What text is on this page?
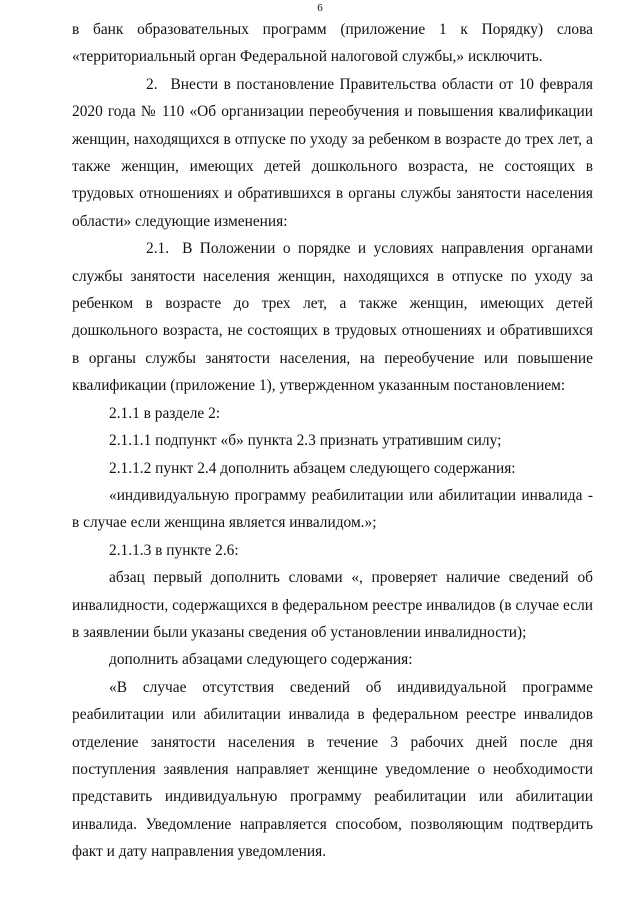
6

в банк образовательных программ (приложение 1 к Порядку) слова «территориальный орган Федеральной налоговой службы,» исключить.

2. Внести в постановление Правительства области от 10 февраля 2020 года № 110 «Об организации переобучения и повышения квалификации женщин, находящихся в отпуске по уходу за ребенком в возрасте до трех лет, а также женщин, имеющих детей дошкольного возраста, не состоящих в трудовых отношениях и обратившихся в органы службы занятости населения области» следующие изменения:

2.1. В Положении о порядке и условиях направления органами службы занятости населения женщин, находящихся в отпуске по уходу за ребенком в возрасте до трех лет, а также женщин, имеющих детей дошкольного возраста, не состоящих в трудовых отношениях и обратившихся в органы службы занятости населения, на переобучение или повышение квалификации (приложение 1), утвержденном указанным постановлением:

2.1.1 в разделе 2:

2.1.1.1 подпункт «б» пункта 2.3 признать утратившим силу;

2.1.1.2 пункт 2.4 дополнить абзацем следующего содержания:

«индивидуальную программу реабилитации или абилитации инвалида - в случае если женщина является инвалидом.»;

2.1.1.3 в пункте 2.6:

абзац первый дополнить словами «, проверяет наличие сведений об инвалидности, содержащихся в федеральном реестре инвалидов (в случае если в заявлении были указаны сведения об установлении инвалидности);

дополнить абзацами следующего содержания:

«В случае отсутствия сведений об индивидуальной программе реабилитации или абилитации инвалида в федеральном реестре инвалидов отделение занятости населения в течение 3 рабочих дней после дня поступления заявления направляет женщине уведомление о необходимости представить индивидуальную программу реабилитации или абилитации инвалида. Уведомление направляется способом, позволяющим подтвердить факт и дату направления уведомления.

· · ·
